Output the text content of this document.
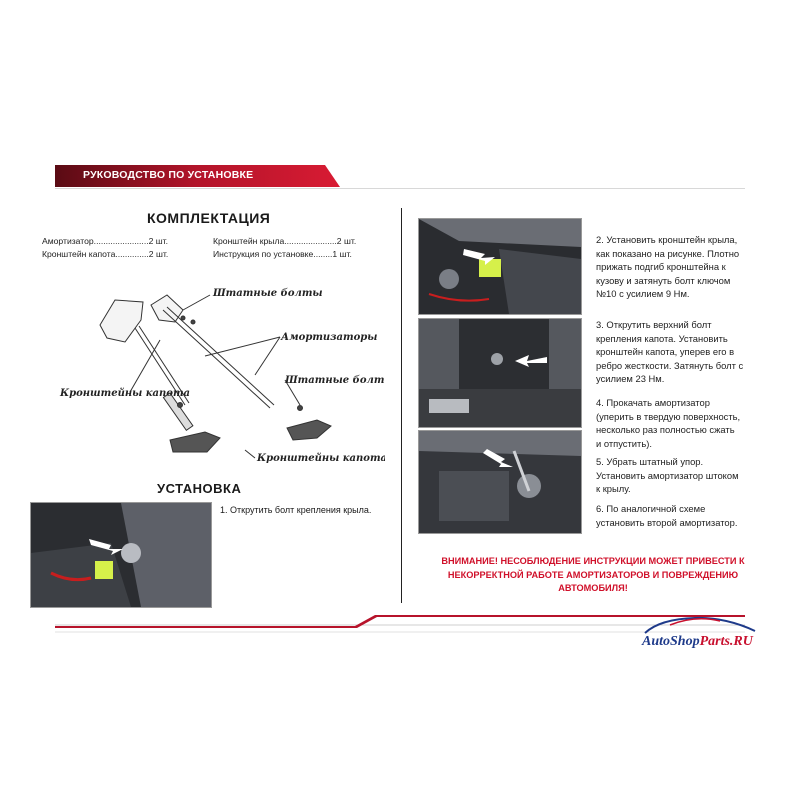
РУКОВОДСТВО ПО УСТАНОВКЕ
КОМПЛЕКТАЦИЯ
Амортизатор.......................2 шт.	Кронштейн крыла......................2 шт.
Кронштейн капота..............2 шт.	Инструкция по установке........1 шт.
Штатные болты
Амортизаторы
Штатные болты
Кронштейны капота
Кронштейны капота
УСТАНОВКА
1. Открутить болт крепления крыла.
2. Установить кронштейн крыла,
как показано на рисунке. Плотно
прижать подгиб кронштейна к
кузову и затянуть болт ключом
№10 с усилием 9 Нм.
3. Открутить верхний болт
крепления капота. Установить
кронштейн капота, уперев его в
ребро жесткости. Затянуть болт с
усилием 23 Нм.
4. Прокачать амортизатор
(уперить в твердую поверхность,
несколько раз полностью сжать
и отпустить).
5. Убрать штатный упор.
Установить амортизатор штоком
к крылу.
6. По аналогичной схеме
установить второй амортизатор.
ВНИМАНИЕ! НЕСОБЛЮДЕНИЕ ИНСТРУКЦИИ МОЖЕТ ПРИВЕСТИ К
НЕКОРРЕКТНОЙ РАБОТЕ АМОРТИЗАТОРОВ И ПОВРЕЖДЕНИЮ
АВТОМОБИЛЯ!
AutoShopParts.RU
